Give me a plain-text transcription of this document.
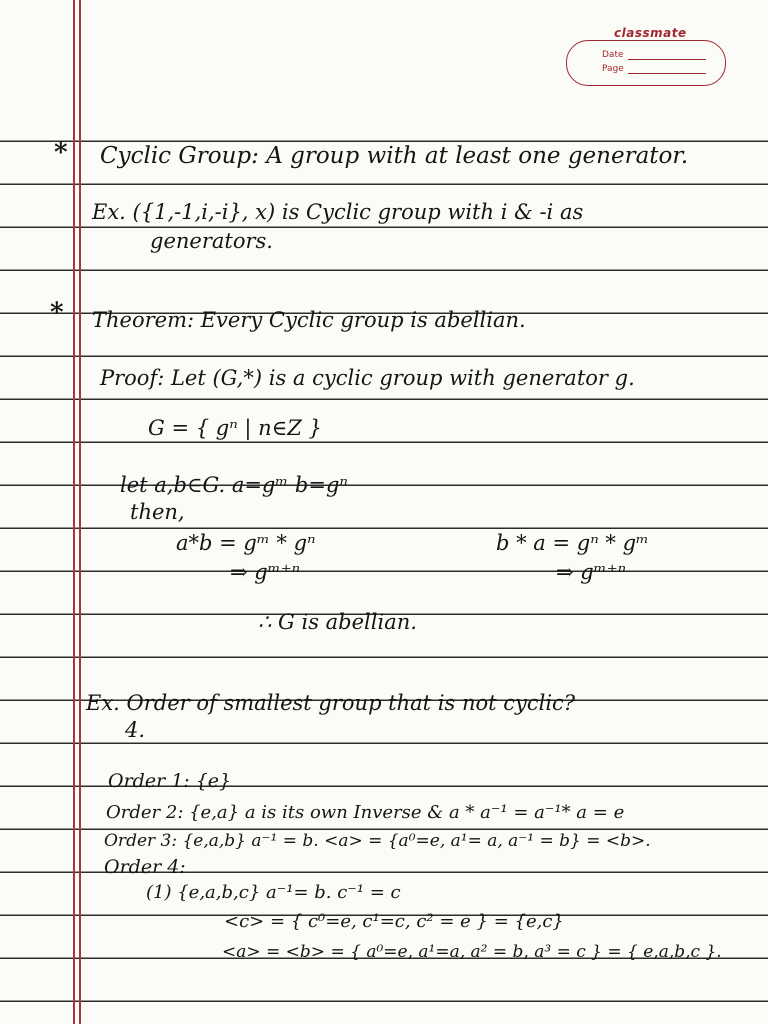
classmate
Date
Page
* Cyclic Group: A group with at least one generator.
Ex. ({1,-1,i,-i}, x) is Cyclic group with i & -i as
generators.
* Theorem: Every Cyclic group is abellian.
Proof: Let (G,*) is a cyclic group with generator g.
G = { gⁿ | n∈Z }
let a,b∈G. a=gᵐ b=gⁿ
then,
a*b = gᵐ * gⁿ	b * a = gⁿ * gᵐ
⇒ gᵐ⁺ⁿ	⇒ gᵐ⁺ⁿ
∴ G is abellian.
Ex. Order of smallest group that is not cyclic?
4.
Order 1: {e}
Order 2: {e,a} a is its own Inverse & a * a⁻¹ = a⁻¹* a = e
Order 3: {e,a,b} a⁻¹ = b. <a> = {a⁰=e, a¹= a, a⁻¹ = b} = <b>.
Order 4:
(1) {e,a,b,c} a⁻¹= b. c⁻¹ = c
<c> = { c⁰=e, c¹=c, c² = e } = {e,c}
<a> = <b> = { a⁰=e, a¹=a, a² = b, a³ = c } = { e,a,b,c }.
